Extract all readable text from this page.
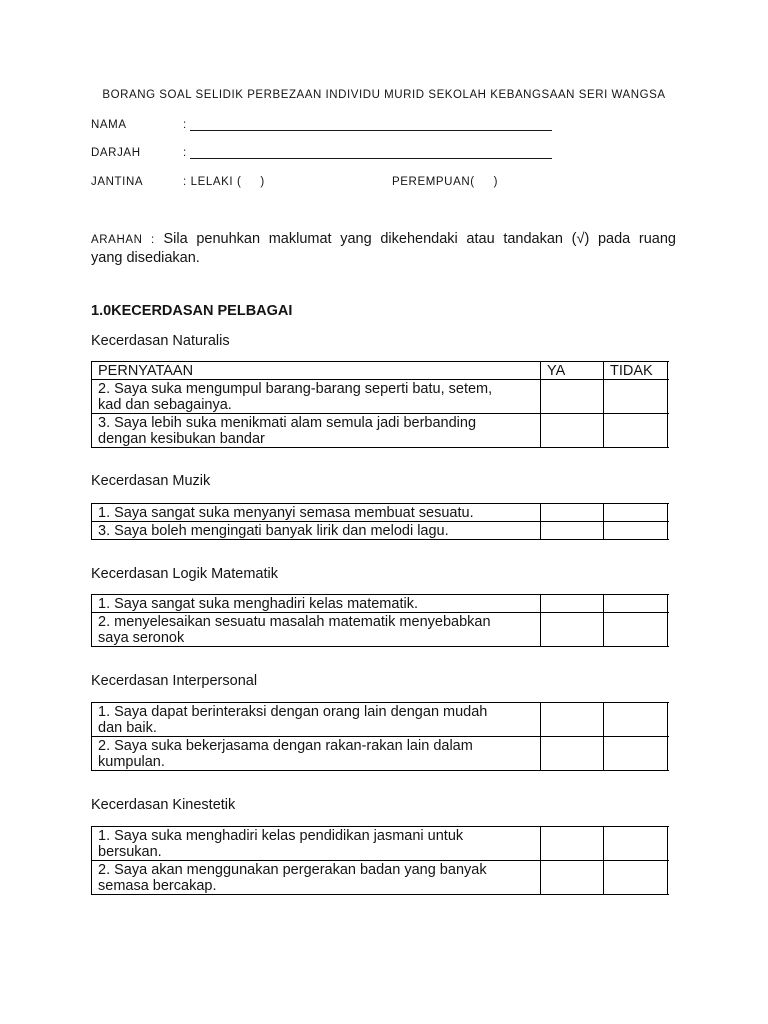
BORANG SOAL SELIDIK PERBEZAAN INDIVIDU MURID SEKOLAH KEBANGSAAN SERI WANGSA
NAMA	:
DARJAH	:
JANTINA	: LELAKI (     )	PEREMPUAN(     )
ARAHAN : Sila penuhkan maklumat yang dikehendaki atau tandakan (√) pada ruang
yang disediakan.
1.0KECERDASAN PELBAGAI
Kecerdasan Naturalis
PERNYATAAN	YA	TIDAK
2. Saya suka mengumpul barang-barang seperti batu, setem,
kad dan sebagainya.
3. Saya lebih suka menikmati alam semula jadi berbanding
dengan kesibukan bandar
Kecerdasan Muzik
1. Saya sangat suka menyanyi semasa membuat sesuatu.
3. Saya boleh mengingati banyak lirik dan melodi lagu.
Kecerdasan Logik Matematik
1. Saya sangat suka menghadiri kelas matematik.
2. menyelesaikan sesuatu masalah matematik menyebabkan
saya seronok
Kecerdasan Interpersonal
1. Saya dapat berinteraksi dengan orang lain dengan mudah
dan baik.
2. Saya suka bekerjasama dengan rakan-rakan lain dalam
kumpulan.
Kecerdasan Kinestetik
1. Saya suka menghadiri kelas pendidikan jasmani untuk
bersukan.
2. Saya akan menggunakan pergerakan badan yang banyak
semasa bercakap.
